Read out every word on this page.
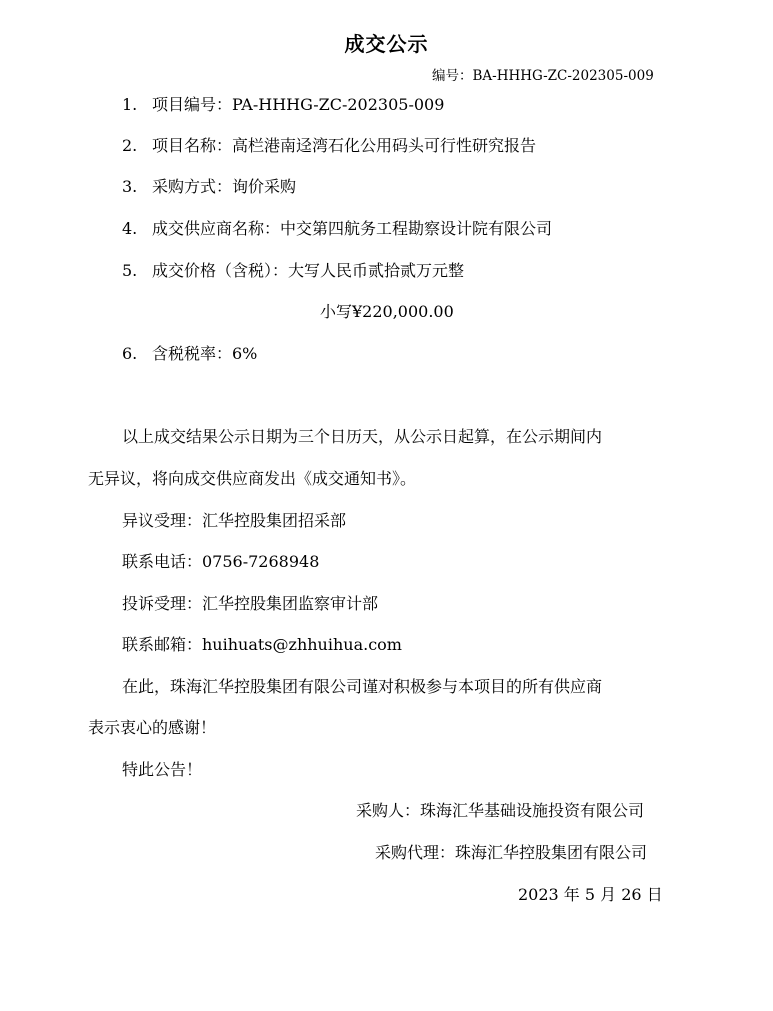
成交公示
编号：BA-HHHG-ZC-202305-009
1. 项目编号：PA-HHHG-ZC-202305-009
2. 项目名称：高栏港南迳湾石化公用码头可行性研究报告
3. 采购方式：询价采购
4. 成交供应商名称：中交第四航务工程勘察设计院有限公司
5. 成交价格（含税）：大写人民币贰拾贰万元整
小写¥220,000.00
6. 含税税率：6%
以上成交结果公示日期为三个日历天，从公示日起算，在公示期间内
无异议，将向成交供应商发出《成交通知书》。
异议受理：汇华控股集团招采部
联系电话：0756-7268948
投诉受理：汇华控股集团监察审计部
联系邮箱：huihuats@zhhuihua.com
在此，珠海汇华控股集团有限公司谨对积极参与本项目的所有供应商
表示衷心的感谢！
特此公告！
采购人：珠海汇华基础设施投资有限公司
采购代理：珠海汇华控股集团有限公司
2023 年 5 月 26 日
